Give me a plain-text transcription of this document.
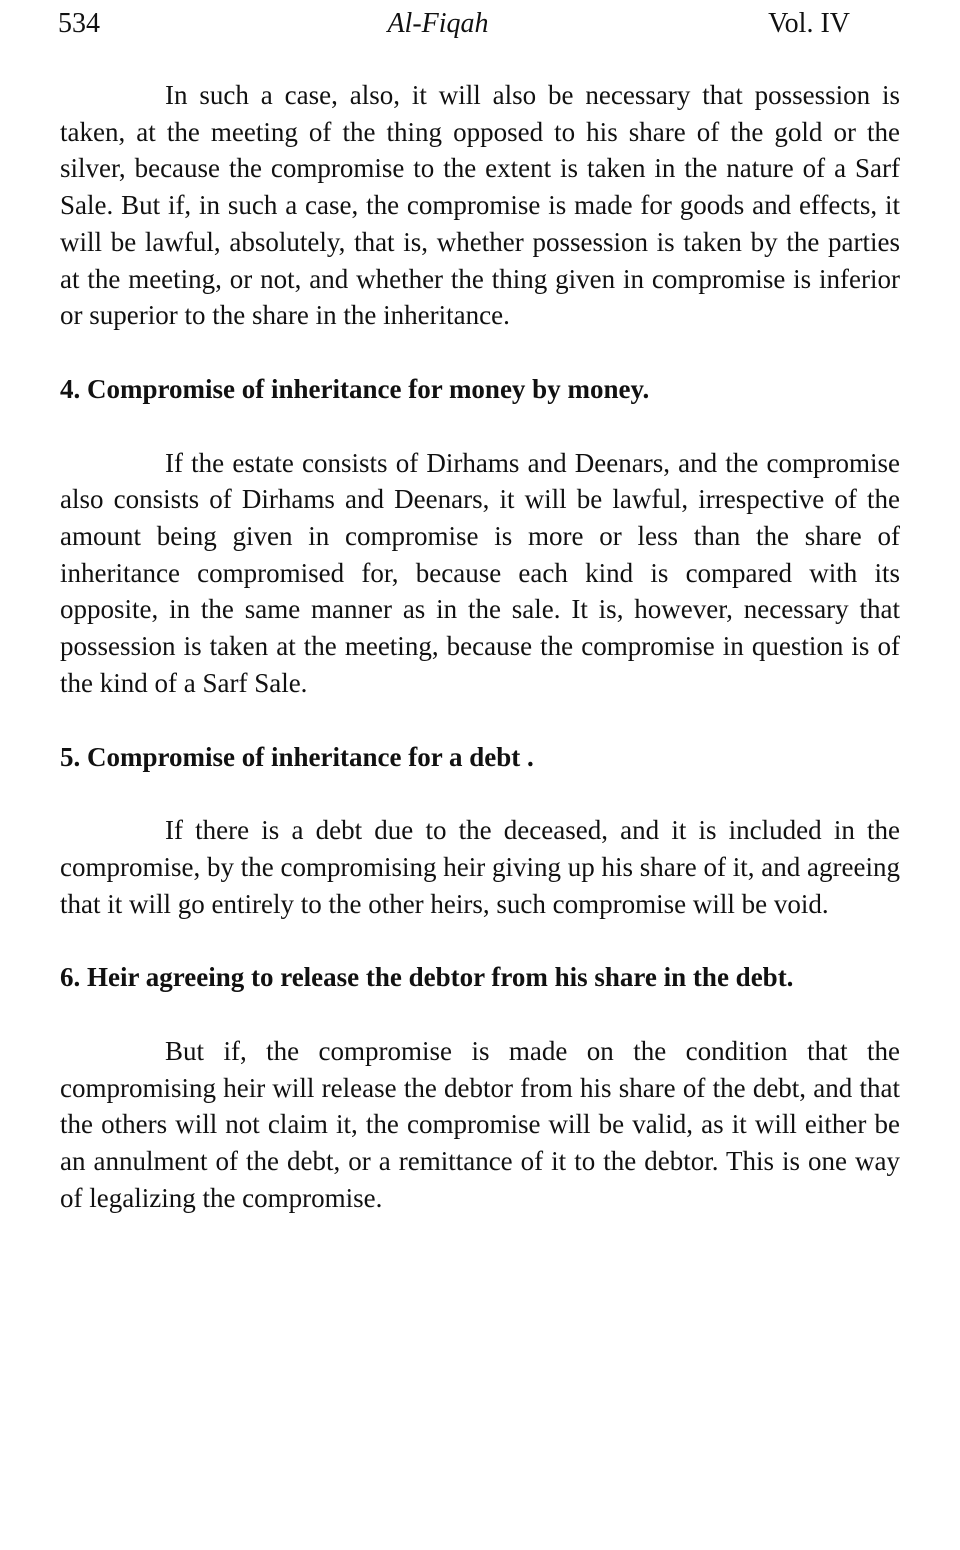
534	Al-Fiqah	Vol. IV

In such a case, also, it will also be necessary that possession is taken, at the meeting of the thing opposed to his share of the gold or the silver, because the compromise to the extent is taken in the nature of a Sarf Sale. But if, in such a case, the compromise is made for goods and effects, it will be lawful, absolutely, that is, whether possession is taken by the parties at the meeting, or not, and whether the thing given in compromise is inferior or superior to the share in the inheritance.

4. Compromise of inheritance for money by money.

If the estate consists of Dirhams and Deenars, and the compromise also consists of Dirhams and Deenars, it will be lawful, irrespective of the amount being given in compromise is more or less than the share of inheritance compromised for, because each kind is compared with its opposite, in the same manner as in the sale. It is, however, necessary that possession is taken at the meeting, because the compromise in question is of the kind of a Sarf Sale.

5. Compromise of inheritance for a debt .

If there is a debt due to the deceased, and it is included in the compromise, by the compromising heir giving up his share of it, and agreeing that it will go entirely to the other heirs, such compromise will be void.

6. Heir agreeing to release the debtor from his share in the debt.

But if, the compromise is made on the condition that the compromising heir will release the debtor from his share of the debt, and that the others will not claim it, the compromise will be valid, as it will either be an annulment of the debt, or a remittance of it to the debtor. This is one way of legalizing the compromise.
